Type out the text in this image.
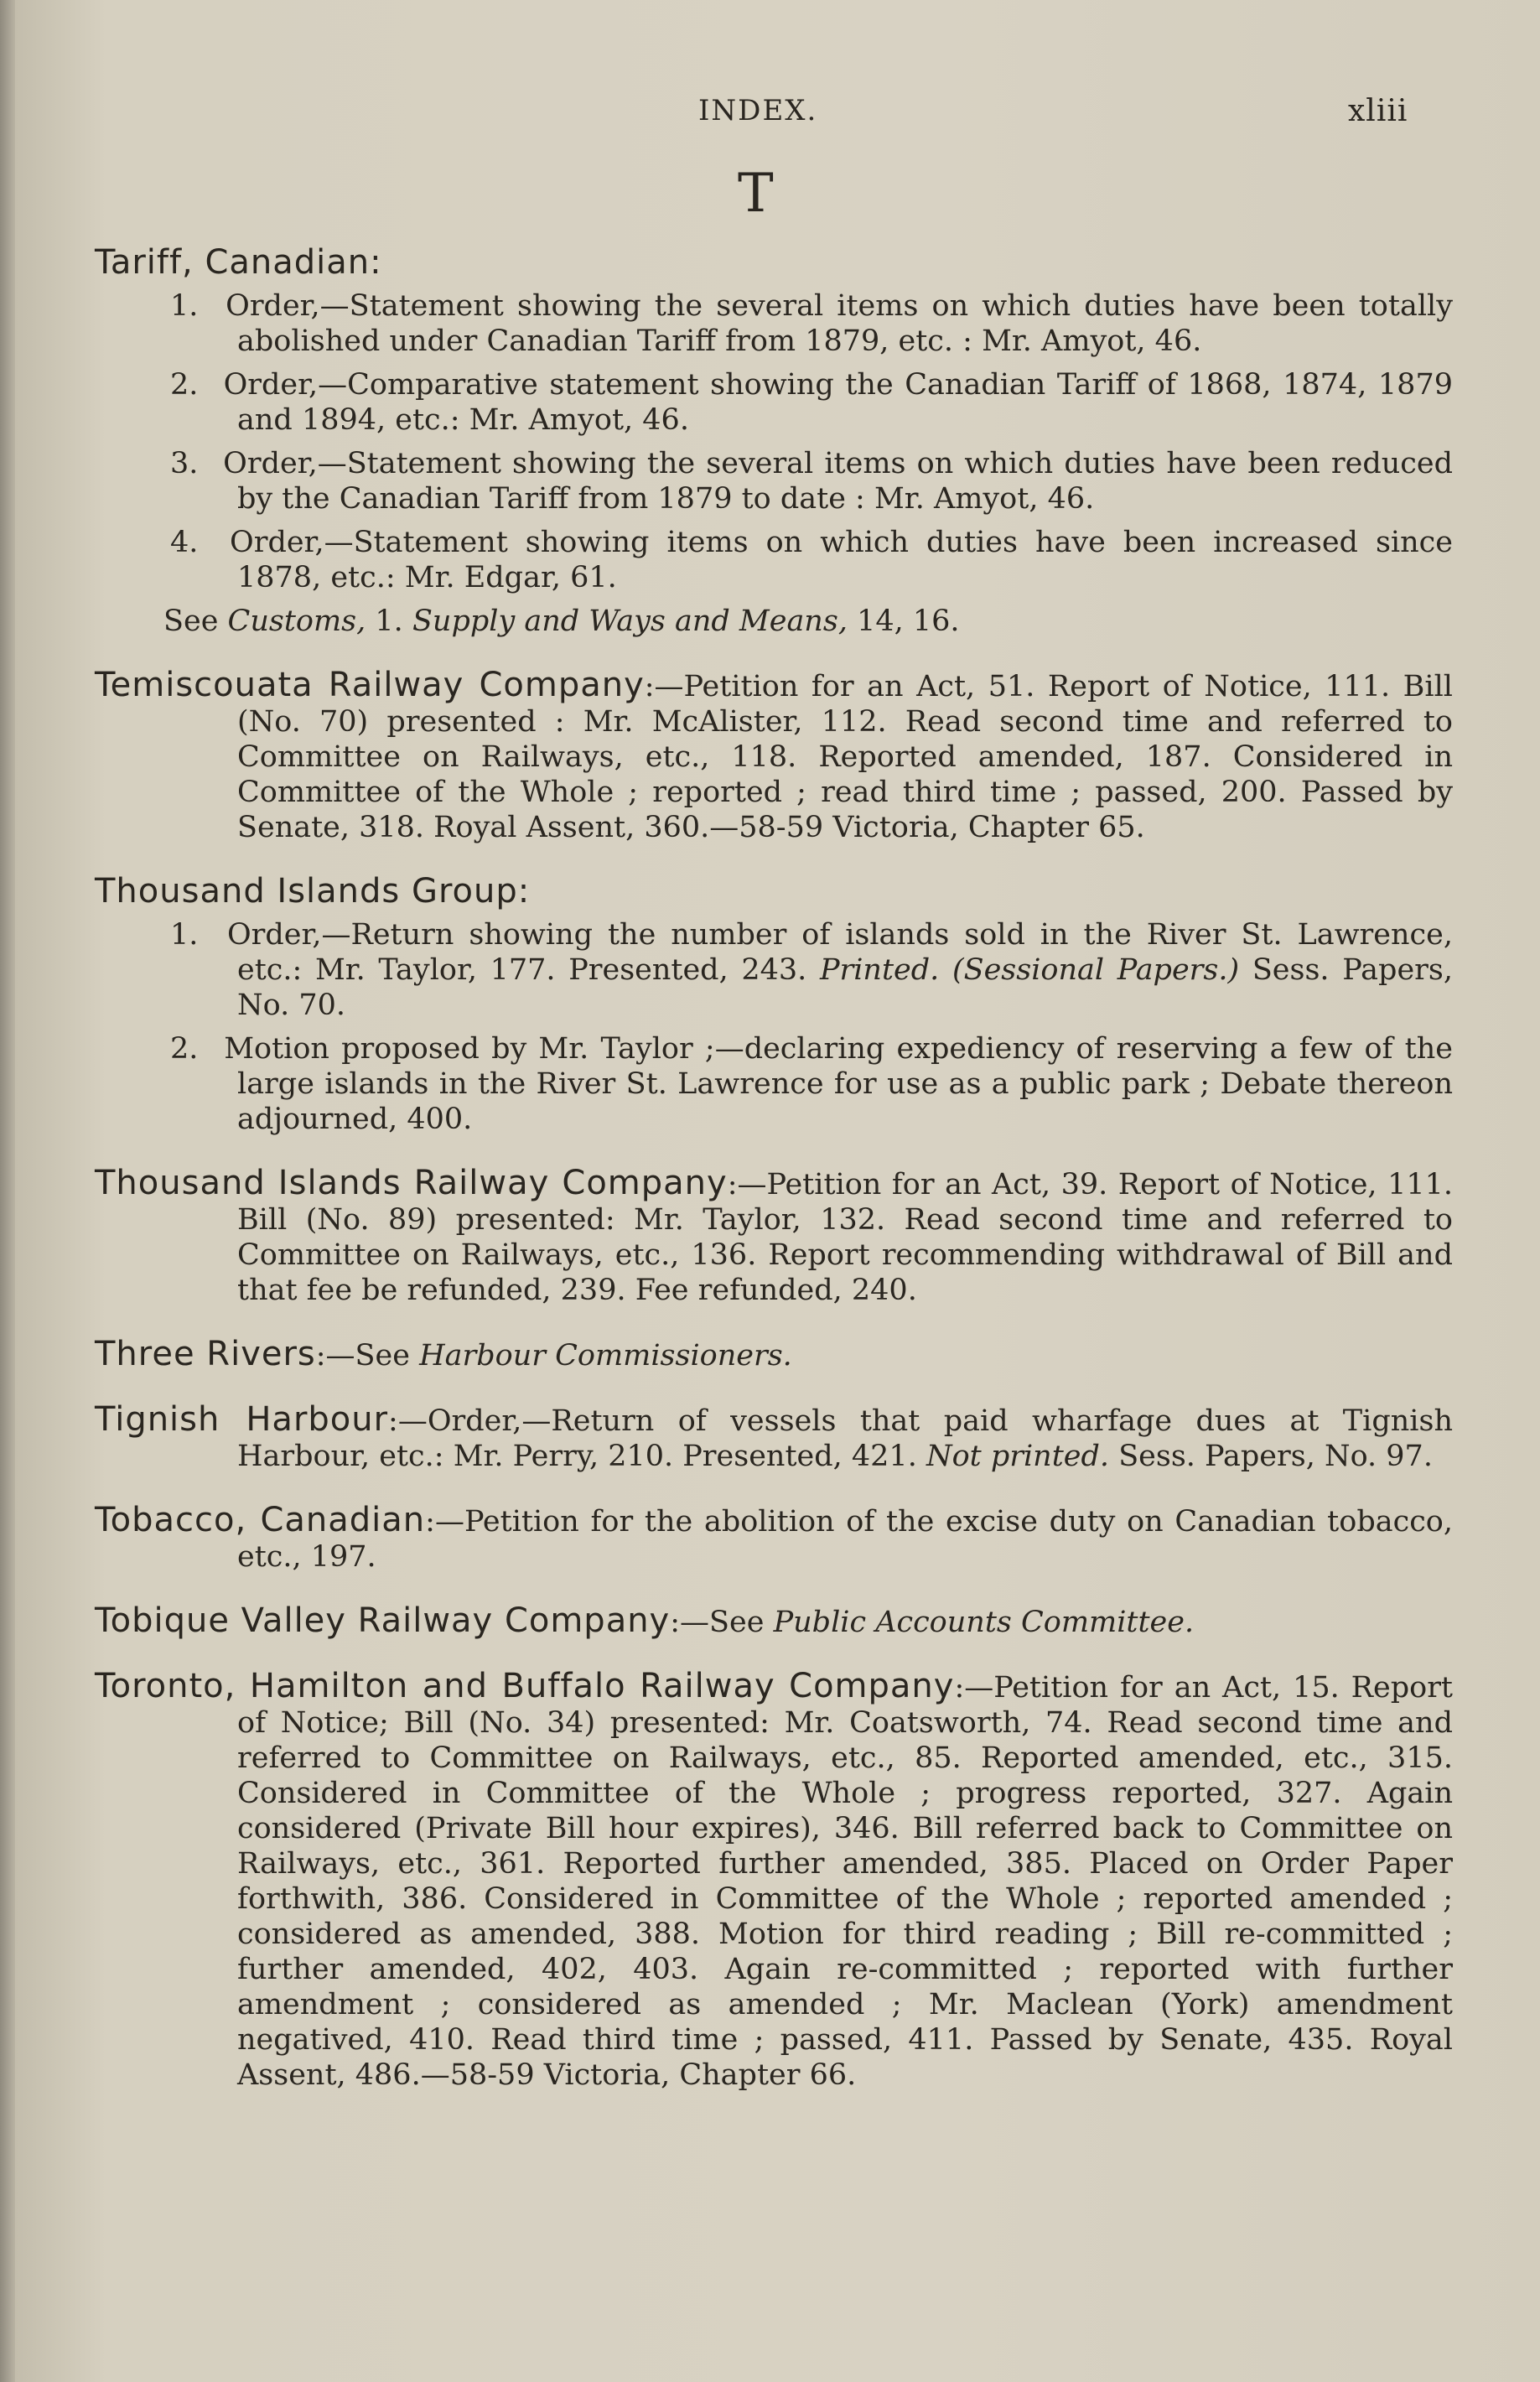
INDEX.	xliii
T
Tariff, Canadian:
1. Order,—Statement showing the several items on which duties have been totally abolished under Canadian Tariff from 1879, etc. : Mr. Amyot, 46.
2. Order,—Comparative statement showing the Canadian Tariff of 1868, 1874, 1879 and 1894, etc.: Mr. Amyot, 46.
3. Order,—Statement showing the several items on which duties have been reduced by the Canadian Tariff from 1879 to date : Mr. Amyot, 46.
4. Order,—Statement showing items on which duties have been increased since 1878, etc.: Mr. Edgar, 61.
See Customs, 1. Supply and Ways and Means, 14, 16.
Temiscouata Railway Company:—Petition for an Act, 51. Report of Notice, 111. Bill (No. 70) presented : Mr. McAlister, 112. Read second time and referred to Committee on Railways, etc., 118. Reported amended, 187. Considered in Committee of the Whole ; reported ; read third time ; passed, 200. Passed by Senate, 318. Royal Assent, 360.—58-59 Victoria, Chapter 65.
Thousand Islands Group:
1. Order,—Return showing the number of islands sold in the River St. Lawrence, etc.: Mr. Taylor, 177. Presented, 243. Printed. (Sessional Papers.) Sess. Papers, No. 70.
2. Motion proposed by Mr. Taylor ;—declaring expediency of reserving a few of the large islands in the River St. Lawrence for use as a public park ; Debate thereon adjourned, 400.
Thousand Islands Railway Company:—Petition for an Act, 39. Report of Notice, 111. Bill (No. 89) presented: Mr. Taylor, 132. Read second time and referred to Committee on Railways, etc., 136. Report recommending withdrawal of Bill and that fee be refunded, 239. Fee refunded, 240.
Three Rivers:—See Harbour Commissioners.
Tignish Harbour:—Order,—Return of vessels that paid wharfage dues at Tignish Harbour, etc.: Mr. Perry, 210. Presented, 421. Not printed. Sess. Papers, No. 97.
Tobacco, Canadian:—Petition for the abolition of the excise duty on Canadian tobacco, etc., 197.
Tobique Valley Railway Company:—See Public Accounts Committee.
Toronto, Hamilton and Buffalo Railway Company:—Petition for an Act, 15. Report of Notice; Bill (No. 34) presented: Mr. Coatsworth, 74. Read second time and referred to Committee on Railways, etc., 85. Reported amended, etc., 315. Considered in Committee of the Whole ; progress reported, 327. Again considered (Private Bill hour expires), 346. Bill referred back to Committee on Railways, etc., 361. Reported further amended, 385. Placed on Order Paper forthwith, 386. Considered in Committee of the Whole ; reported amended ; considered as amended, 388. Motion for third reading ; Bill re-committed ; further amended, 402, 403. Again re-committed ; reported with further amendment ; considered as amended ; Mr. Maclean (York) amendment negatived, 410. Read third time ; passed, 411. Passed by Senate, 435. Royal Assent, 486.—58-59 Victoria, Chapter 66.
